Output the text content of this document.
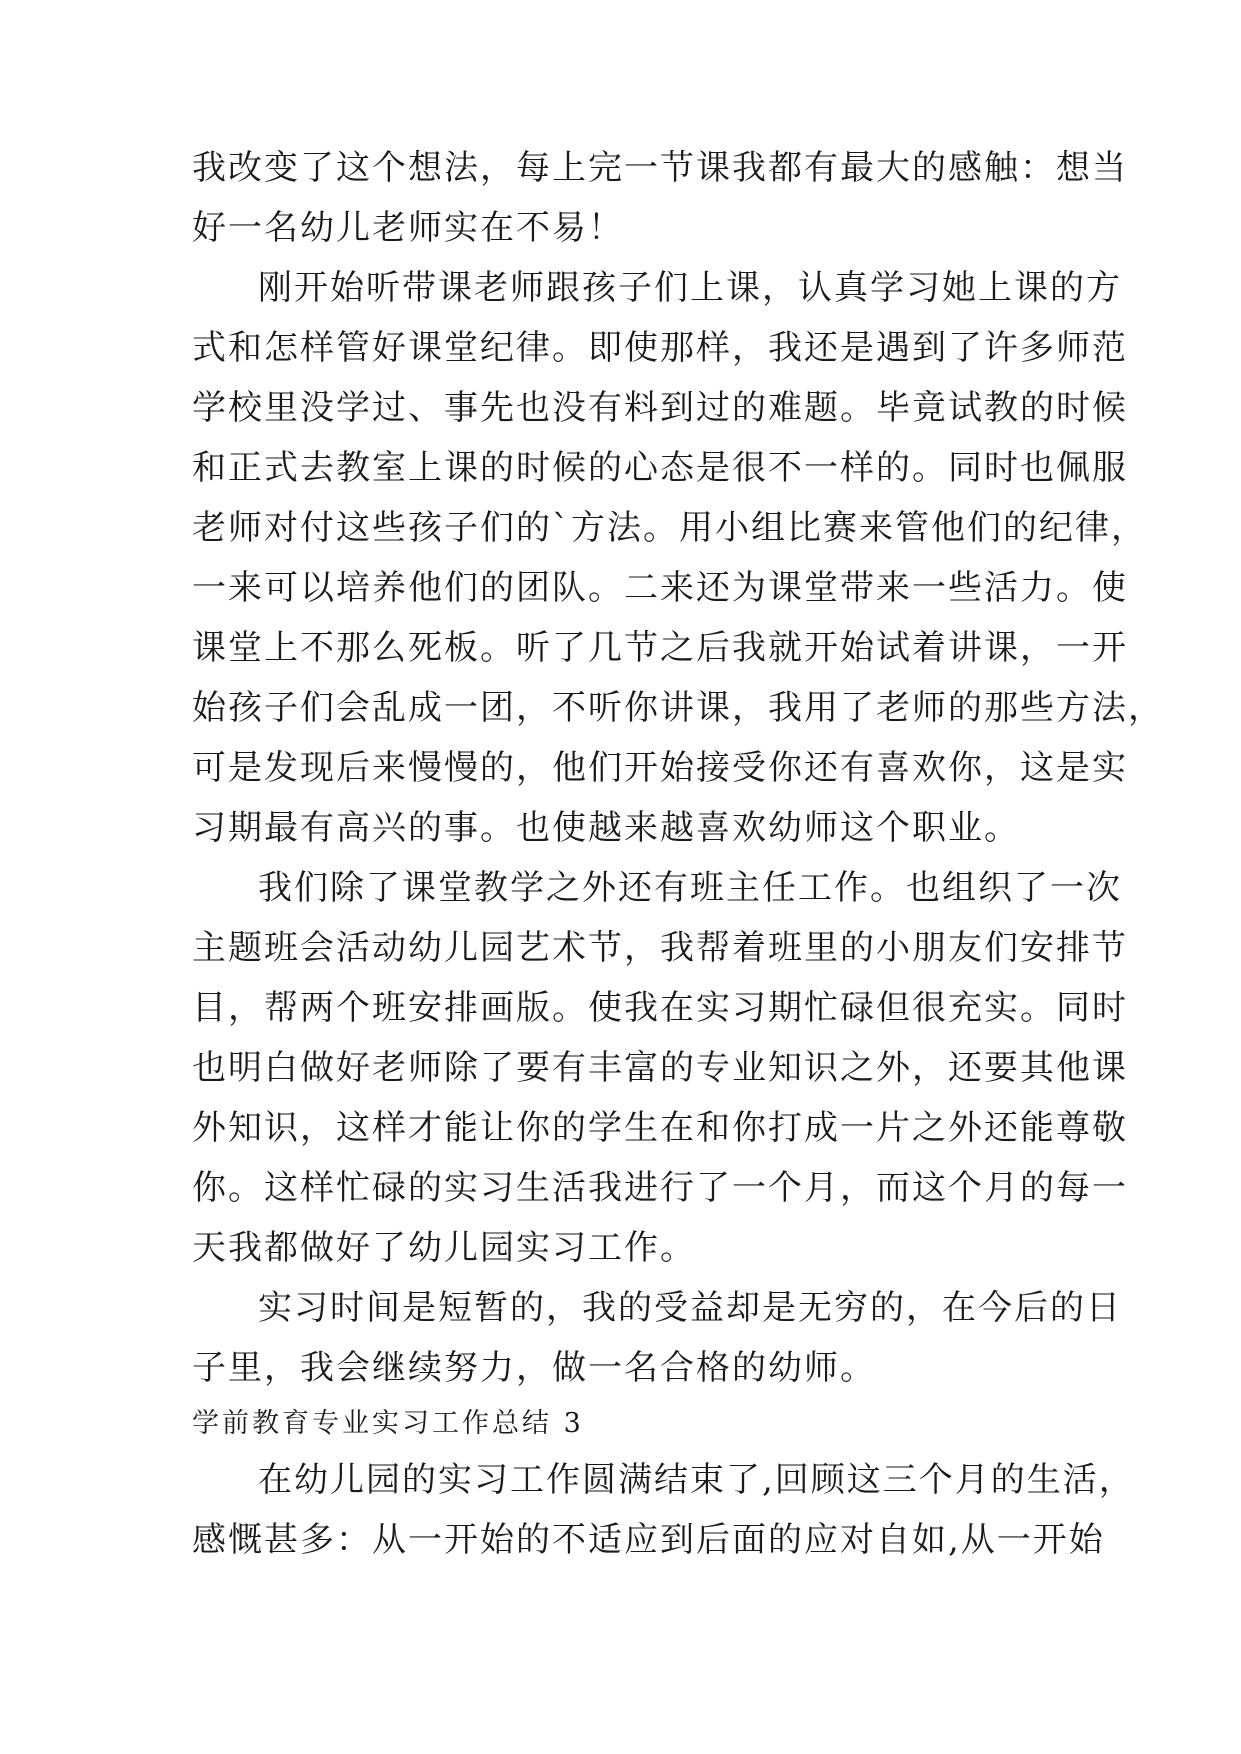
我改变了这个想法，每上完一节课我都有最大的感触：想当
好一名幼儿老师实在不易！
刚开始听带课老师跟孩子们上课，认真学习她上课的方
式和怎样管好课堂纪律。即使那样，我还是遇到了许多师范
学校里没学过、事先也没有料到过的难题。毕竟试教的时候
和正式去教室上课的时候的心态是很不一样的。同时也佩服
老师对付这些孩子们的`方法。用小组比赛来管他们的纪律，
一来可以培养他们的团队。二来还为课堂带来一些活力。使
课堂上不那么死板。听了几节之后我就开始试着讲课，一开
始孩子们会乱成一团，不听你讲课，我用了老师的那些方法，
可是发现后来慢慢的，他们开始接受你还有喜欢你，这是实
习期最有高兴的事。也使越来越喜欢幼师这个职业。
我们除了课堂教学之外还有班主任工作。也组织了一次
主题班会活动幼儿园艺术节，我帮着班里的小朋友们安排节
目，帮两个班安排画版。使我在实习期忙碌但很充实。同时
也明白做好老师除了要有丰富的专业知识之外，还要其他课
外知识，这样才能让你的学生在和你打成一片之外还能尊敬
你。这样忙碌的实习生活我进行了一个月，而这个月的每一
天我都做好了幼儿园实习工作。
实习时间是短暂的，我的受益却是无穷的，在今后的日
子里，我会继续努力，做一名合格的幼师。
学前教育专业实习工作总结 3
在幼儿园的实习工作圆满结束了,回顾这三个月的生活，
感慨甚多：从一开始的不适应到后面的应对自如,从一开始
